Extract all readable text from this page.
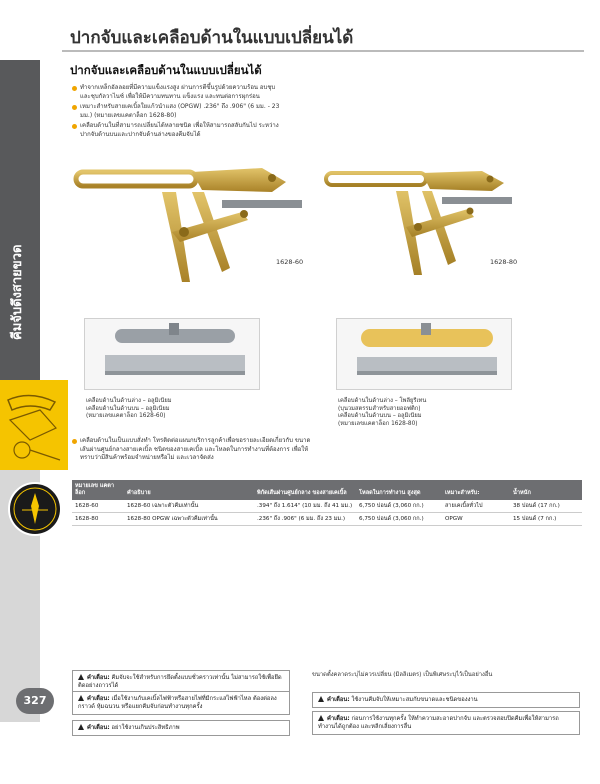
ปากจับและเคลือบด้านในแบบเปลี่ยนได้
ปากจับและเคลือบด้านในแบบเปลี่ยนได้
คีมจับดึงสายขวด
327
ทำจากเหล็กอัลลอยที่มีความแข็งแรงสูง ผ่านการตีขึ้นรูปด้วยความร้อน อบชุบ และชุบกัลวาไนซ์ เพื่อให้มีความทนทาน แข็งแรง และทนต่อการผุกร่อน
เหมาะสำหรับสายเคเบิ้ลใยแก้วนำแสง (OPGW) .236" ถึง .906" (6 มม. - 23 มม.) (หมายเลขแคตาล็อก 1628-80)
เคลือบด้านในที่สามารถเปลี่ยนได้หลายชนิด เพื่อให้สามารถสลับกันไป ระหว่างปากจับด้านบนและปากจับด้านล่างของคีมจับได้
1628-60	1628-80
เคลือบด้านในด้านล่าง – อลูมิเนียม
เคลือบด้านในด้านบน – อลูมิเนียม
(หมายเลขแคตาล็อก 1628-60)
เคลือบด้านในด้านล่าง – โพลียูรีเทน
(บุนวมสตรรมสำหรับสายออฟติก)
เคลือบด้านในด้านบน – อลูมิเนียม
(หมายเลขแคตาล็อก 1628-80)
เคลือบด้านในเป็นแบบสั่งทำ โทรติดต่อแผนกบริการลูกค้าเพื่อขอรายละเอียดเกี่ยวกับ ขนาดเส้นผ่านศูนย์กลางสายเคเบิ้ล ชนิดของสายเคเบิ้ล และโหลดในการทำงานที่ต้องการ เพื่อให้ทราบว่ามีสินค้าพร้อมจำหน่ายหรือไม่ และเวลาจัดส่ง
หมายเลข แคตาล็อก	คำอธิบาย	พิกัดเส้นผ่านศูนย์กลาง ของสายเคเบิ้ล	โหลดในการทำงาน สูงสุด	เหมาะสำหรับ:	น้ำหนัก
1628-60	1628-60 เฉพาะตัวคีมเท่านั้น	.394" ถึง 1.614" (10 มม. ถึง 41 มม.)	6,750 ปอนด์ (3,060 กก.)	สายเคเบิ้ลทั่วไป	38 ปอนด์ (17 กก.)
1628-80	1628-80 OPGW เฉพาะตัวคีมเท่านั้น	.236" ถึง .906" (6 มม. ถึง 23 มม.)	6,750 ปอนด์ (3,060 กก.)	OPGW	15 ปอนด์ (7 กก.)
คำเตือน: คีมจับจะใช้สำหรับการยึดตั้งแบบชั่วคราวเท่านั้น ไม่สามารถใช้เพื่อยึดติดอย่างถาวรได้
คำเตือน: เมื่อใช้งานกับเคเบิ้ลไฟฟ้าหรือสายไฟที่มีกระแสไฟฟ้าไหล ต้องต่อลงกราวด์ หุ้มฉนวน หรือแยกคีมจับก่อนทำงานทุกครั้ง
คำเตือน: อย่าใช้งานเกินประสิทธิภาพ
ขนาดตั้งคลาดระบุไม่ควรเปลี่ยน (มิลลิเมตร) เป็นพิเศษระบุไว้เป็นอย่างอื่น
คำเตือน: ใช้งานคีมจับให้เหมาะสมกับขนาดและชนิดของงาน
คำเตือน: ก่อนการใช้งานทุกครั้ง ให้ทำความสะอาดปากจับ และตรวจสอบปิดคีมเพื่อให้สามารถทำงานได้ถูกต้อง และหลีกเลี่ยงการลื่น
